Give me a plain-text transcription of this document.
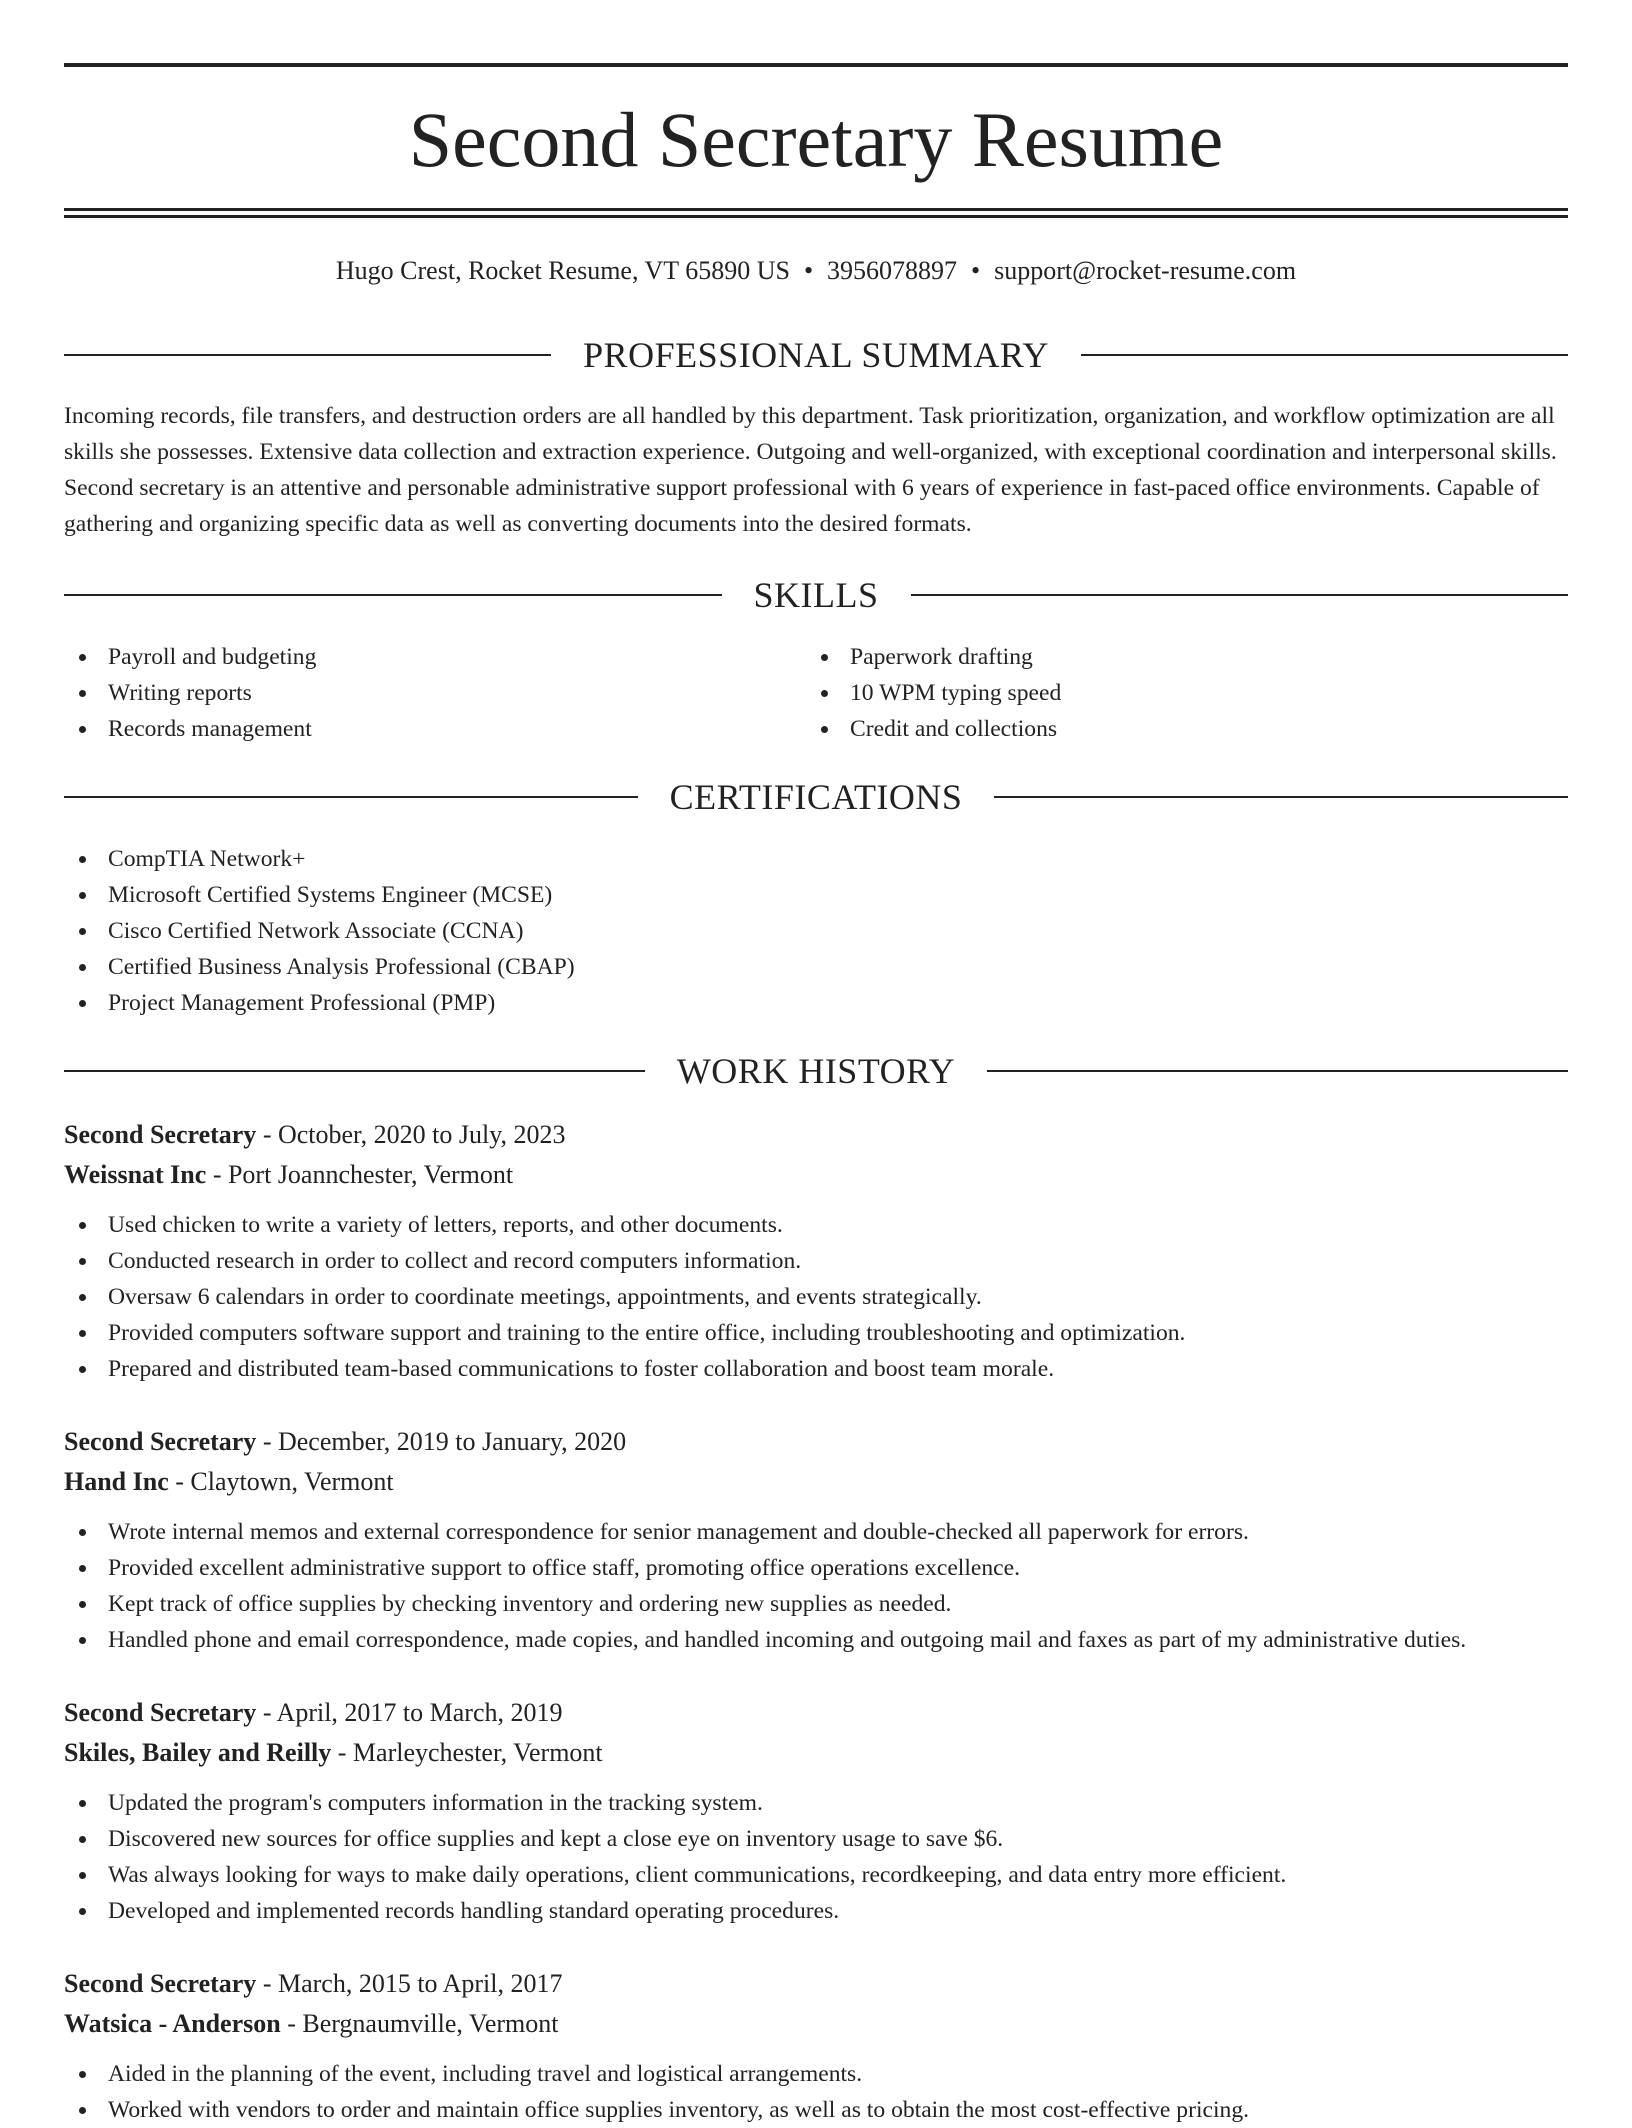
Second Secretary Resume
Hugo Crest, Rocket Resume, VT 65890 US • 3956078897 • support@rocket-resume.com
PROFESSIONAL SUMMARY

Incoming records, file transfers, and destruction orders are all handled by this department. Task prioritization, organization, and workflow optimization are all skills she possesses. Extensive data collection and extraction experience. Outgoing and well-organized, with exceptional coordination and interpersonal skills. Second secretary is an attentive and personable administrative support professional with 6 years of experience in fast-paced office environments. Capable of gathering and organizing specific data as well as converting documents into the desired formats.

SKILLS
Payroll and budgeting
Writing reports
Records management
Paperwork drafting
10 WPM typing speed
Credit and collections
CERTIFICATIONS
CompTIA Network+
Microsoft Certified Systems Engineer (MCSE)
Cisco Certified Network Associate (CCNA)
Certified Business Analysis Professional (CBAP)
Project Management Professional (PMP)
WORK HISTORY
Second Secretary - October, 2020 to July, 2023
Weissnat Inc - Port Joannchester, Vermont
Used chicken to write a variety of letters, reports, and other documents.
Conducted research in order to collect and record computers information.
Oversaw 6 calendars in order to coordinate meetings, appointments, and events strategically.
Provided computers software support and training to the entire office, including troubleshooting and optimization.
Prepared and distributed team-based communications to foster collaboration and boost team morale.
Second Secretary - December, 2019 to January, 2020
Hand Inc - Claytown, Vermont
Wrote internal memos and external correspondence for senior management and double-checked all paperwork for errors.
Provided excellent administrative support to office staff, promoting office operations excellence.
Kept track of office supplies by checking inventory and ordering new supplies as needed.
Handled phone and email correspondence, made copies, and handled incoming and outgoing mail and faxes as part of my administrative duties.
Second Secretary - April, 2017 to March, 2019
Skiles, Bailey and Reilly - Marleychester, Vermont
Updated the program's computers information in the tracking system.
Discovered new sources for office supplies and kept a close eye on inventory usage to save $6.
Was always looking for ways to make daily operations, client communications, recordkeeping, and data entry more efficient.
Developed and implemented records handling standard operating procedures.
Second Secretary - March, 2015 to April, 2017
Watsica - Anderson - Bergnaumville, Vermont
Aided in the planning of the event, including travel and logistical arrangements.
Worked with vendors to order and maintain office supplies inventory, as well as to obtain the most cost-effective pricing.
